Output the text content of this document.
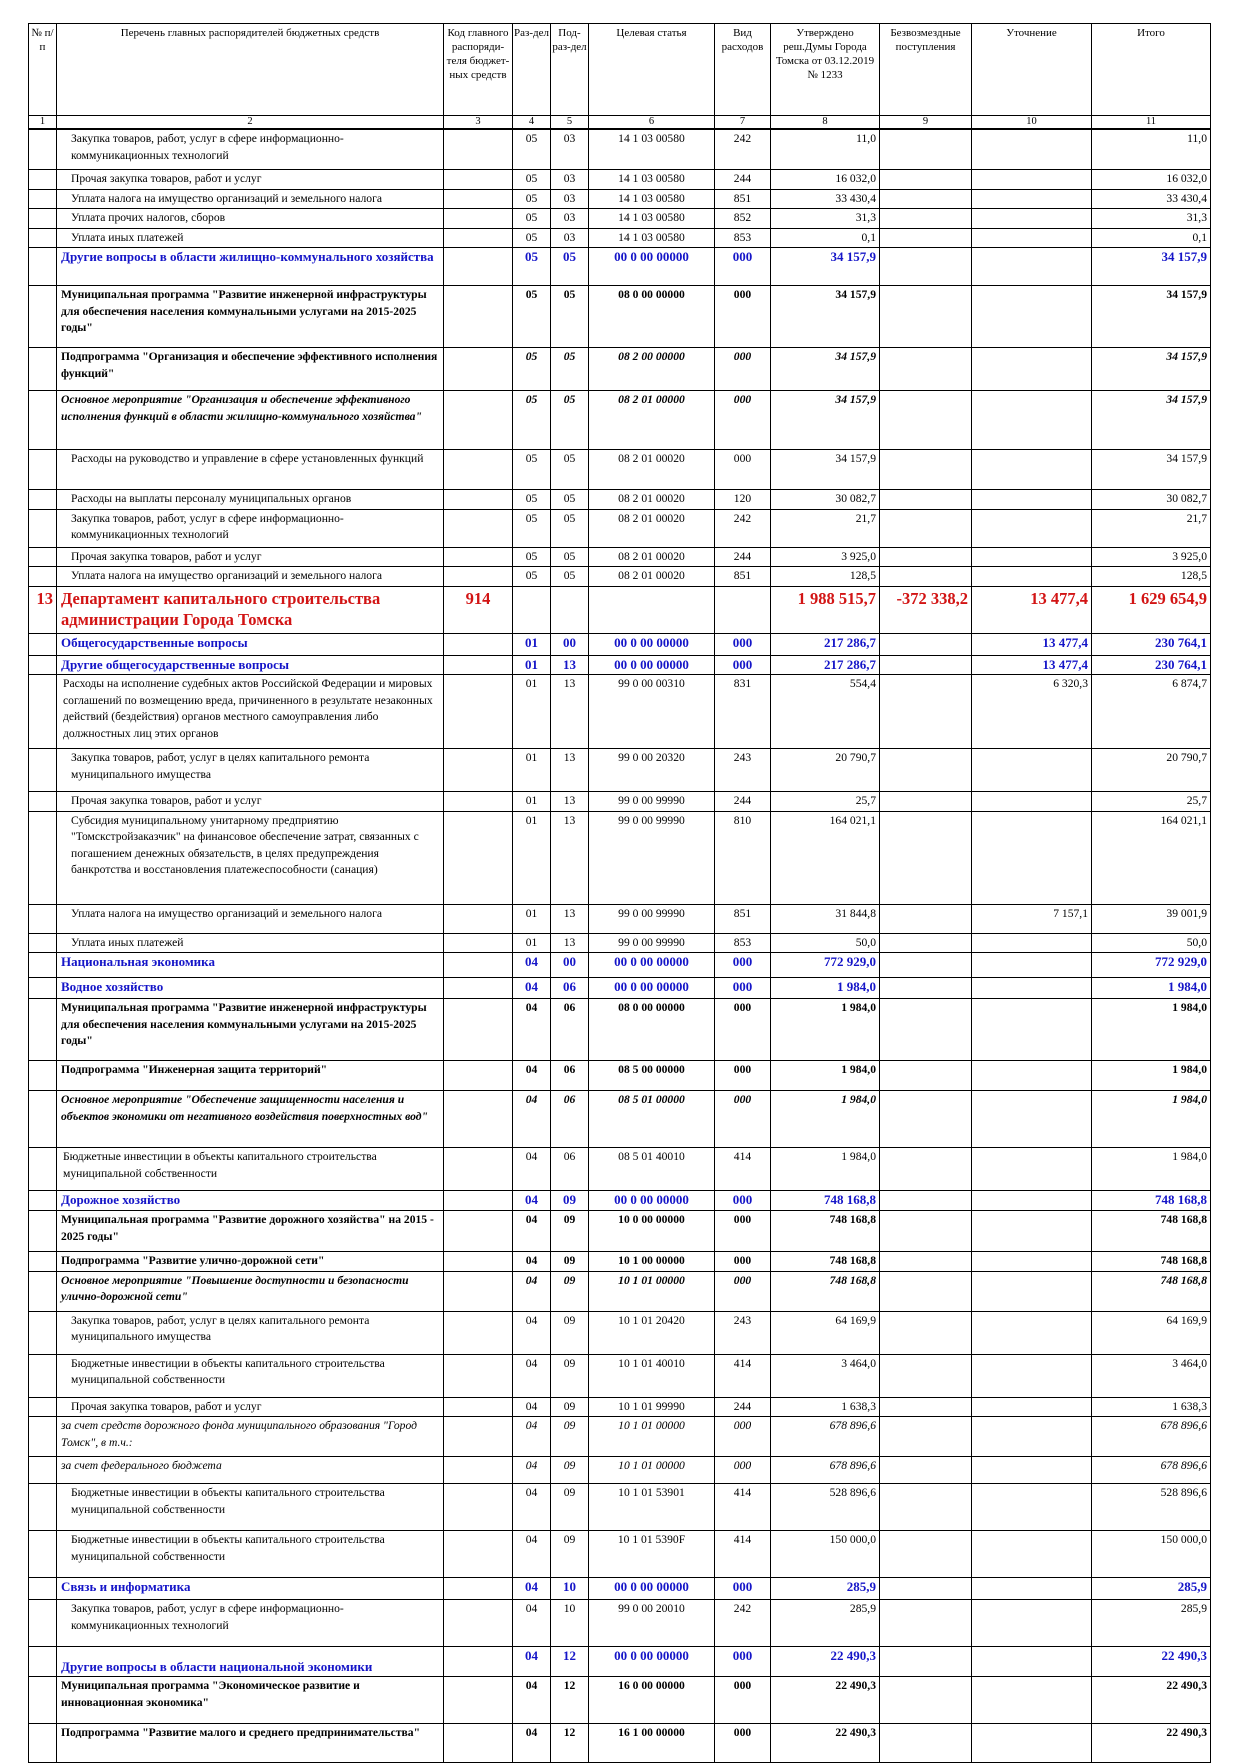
№ п/п	Перечень главных распорядителей бюджетных средств	Код главного распоряди-теля бюджет-ных средств	Раз-дел	Под-раз-дел	Целевая статья	Вид расходов	Утверждено реш.Думы Города Томска от 03.12.2019 № 1233	Безвозмездные поступления	Уточнение	Итого
1	2	3	4	5	6	7	8	9	10	11
	Закупка товаров, работ, услуг в сфере информационно-коммуникационных технологий		05	03	14 1 03 00580	242	11,0			11,0
	Прочая закупка товаров, работ и услуг		05	03	14 1 03 00580	244	16 032,0			16 032,0
	Уплата налога на имущество организаций и земельного налога		05	03	14 1 03 00580	851	33 430,4			33 430,4
	Уплата прочих налогов, сборов		05	03	14 1 03 00580	852	31,3			31,3
	Уплата иных платежей		05	03	14 1 03 00580	853	0,1			0,1
	Другие вопросы в области жилищно-коммунального хозяйства		05	05	00 0 00 00000	000	34 157,9			34 157,9
	Муниципальная программа "Развитие инженерной инфраструктуры для обеспечения населения коммунальными услугами на 2015-2025 годы"		05	05	08 0 00 00000	000	34 157,9			34 157,9
	Подпрограмма "Организация и обеспечение эффективного исполнения функций"		05	05	08 2 00 00000	000	34 157,9			34 157,9
	Основное мероприятие "Организация и обеспечение эффективного исполнения функций в области жилищно-коммунального хозяйства"		05	05	08 2 01 00000	000	34 157,9			34 157,9
	Расходы на руководство и управление в сфере установленных функций		05	05	08 2 01 00020	000	34 157,9			34 157,9
	Расходы на выплаты персоналу муниципальных органов		05	05	08 2 01 00020	120	30 082,7			30 082,7
	Закупка товаров, работ, услуг в сфере информационно-коммуникационных технологий		05	05	08 2 01 00020	242	21,7			21,7
	Прочая закупка товаров, работ и услуг		05	05	08 2 01 00020	244	3 925,0			3 925,0
	Уплата налога на имущество организаций и земельного налога		05	05	08 2 01 00020	851	128,5			128,5
13	Департамент капитального строительства администрации Города Томска	914					1 988 515,7	-372 338,2	13 477,4	1 629 654,9
	Общегосударственные вопросы		01	00	00 0 00 00000	000	217 286,7		13 477,4	230 764,1
	Другие общегосударственные вопросы		01	13	00 0 00 00000	000	217 286,7		13 477,4	230 764,1
	Расходы на исполнение судебных актов Российской Федерации и мировых соглашений по возмещению вреда, причиненного в результате незаконных действий (бездействия) органов местного самоуправления либо должностных лиц этих органов		01	13	99 0 00 00310	831	554,4		6 320,3	6 874,7
	Закупка товаров, работ, услуг в целях капитального ремонта муниципального имущества		01	13	99 0 00 20320	243	20 790,7			20 790,7
	Прочая закупка товаров, работ и услуг		01	13	99 0 00 99990	244	25,7			25,7
	Субсидия муниципальному унитарному предприятию "Томскстройзаказчик" на финансовое обеспечение затрат, связанных с погашением денежных обязательств, в целях предупреждения банкротства и восстановления платежеспособности (санация)		01	13	99 0 00 99990	810	164 021,1			164 021,1
	Уплата налога на имущество организаций и земельного налога		01	13	99 0 00 99990	851	31 844,8		7 157,1	39 001,9
	Уплата иных платежей		01	13	99 0 00 99990	853	50,0			50,0
	Национальная экономика		04	00	00 0 00 00000	000	772 929,0			772 929,0
	Водное хозяйство		04	06	00 0 00 00000	000	1 984,0			1 984,0
	Муниципальная программа "Развитие инженерной инфраструктуры для обеспечения населения коммунальными услугами на 2015-2025 годы"		04	06	08 0 00 00000	000	1 984,0			1 984,0
	Подпрограмма "Инженерная защита территорий"		04	06	08 5 00 00000	000	1 984,0			1 984,0
	Основное мероприятие "Обеспечение защищенности населения и объектов экономики от негативного воздействия поверхностных вод"		04	06	08 5 01 00000	000	1 984,0			1 984,0
	Бюджетные инвестиции в объекты капитального строительства муниципальной собственности		04	06	08 5 01 40010	414	1 984,0			1 984,0
	Дорожное хозяйство		04	09	00 0 00 00000	000	748 168,8			748 168,8
	Муниципальная программа "Развитие дорожного хозяйства" на 2015 - 2025 годы"		04	09	10 0 00 00000	000	748 168,8			748 168,8
	Подпрограмма "Развитие улично-дорожной сети"		04	09	10 1 00 00000	000	748 168,8			748 168,8
	Основное мероприятие "Повышение доступности и безопасности улично-дорожной сети"		04	09	10 1 01 00000	000	748 168,8			748 168,8
	Закупка товаров, работ, услуг в целях капитального ремонта муниципального имущества		04	09	10 1 01 20420	243	64 169,9			64 169,9
	Бюджетные инвестиции в объекты капитального строительства муниципальной собственности		04	09	10 1 01 40010	414	3 464,0			3 464,0
	Прочая закупка товаров, работ и услуг		04	09	10 1 01 99990	244	1 638,3			1 638,3
	за счет средств дорожного фонда муниципального образования "Город Томск", в т.ч.:		04	09	10 1 01 00000	000	678 896,6			678 896,6
	за счет федерального бюджета		04	09	10 1 01 00000	000	678 896,6			678 896,6
	Бюджетные инвестиции в объекты капитального строительства муниципальной собственности		04	09	10 1 01 53901	414	528 896,6			528 896,6
	Бюджетные инвестиции в объекты капитального строительства муниципальной собственности		04	09	10 1 01 5390F	414	150 000,0			150 000,0
	Связь и информатика		04	10	00 0 00 00000	000	285,9			285,9
	Закупка товаров, работ, услуг в сфере информационно-коммуникационных технологий		04	10	99 0 00 20010	242	285,9			285,9
	Другие вопросы в области национальной экономики		04	12	00 0 00 00000	000	22 490,3			22 490,3
	Муниципальная программа "Экономическое развитие и инновационная экономика"		04	12	16 0 00 00000	000	22 490,3			22 490,3
	Подпрограмма "Развитие малого и среднего предпринимательства"		04	12	16 1 00 00000	000	22 490,3			22 490,3
